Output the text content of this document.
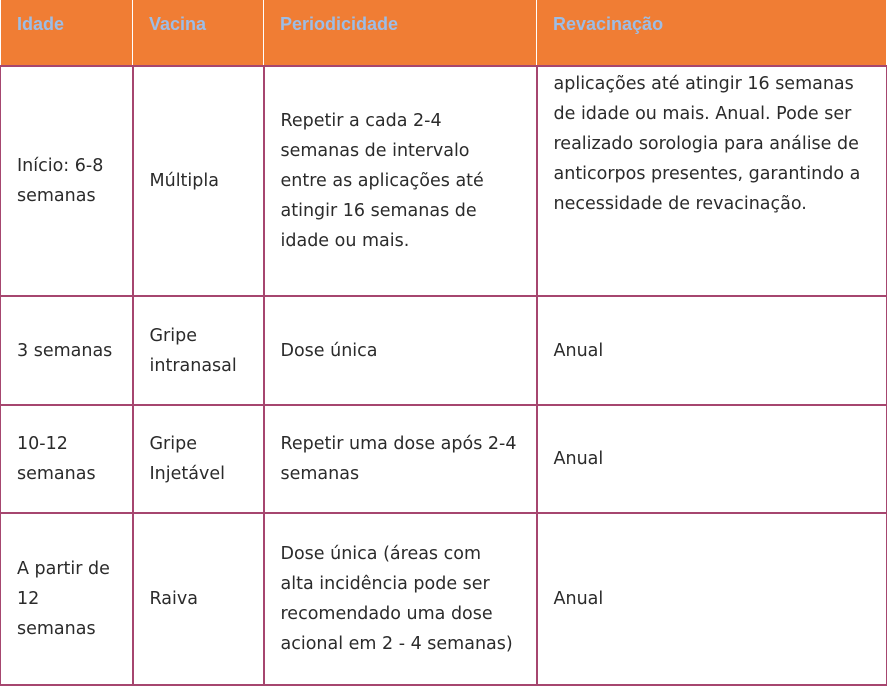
Idade	Vacina	Periodicidade	Revacinação
Início: 6-8 semanas	Múltipla	Repetir a cada 2-4 semanas de intervalo entre as aplicações até atingir 16 semanas de idade ou mais.	aplicações até atingir 16 semanas de idade ou mais. Anual. Pode ser realizado sorologia para análise de anticorpos presentes, garantindo a necessidade de revacinação.

3 semanas	Gripe intranasal	Dose única	Anual
10-12 semanas	Gripe Injetável	Repetir uma dose após 2-4 semanas	Anual
A partir de 12 semanas	Raiva	Dose única (áreas com alta incidência pode ser recomendado uma dose acional em 2 - 4 semanas)	Anual
